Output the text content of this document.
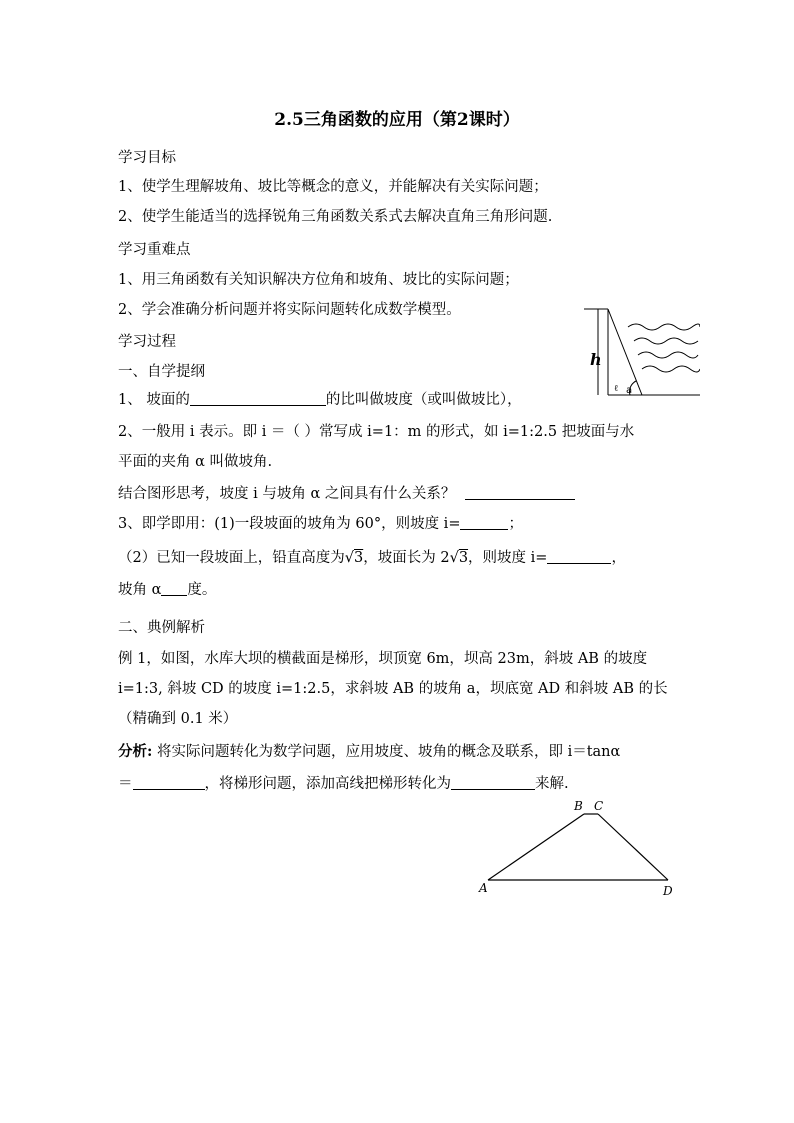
2.5三角函数的应用（第2课时）
学习目标
1、使学生理解坡角、坡比等概念的意义，并能解决有关实际问题；
2、使学生能适当的选择锐角三角函数关系式去解决直角三角形问题.
学习重难点
1、用三角函数有关知识解决方位角和坡角、坡比的实际问题；
2、学会准确分析问题并将实际问题转化成数学模型。
学习过程
一、自学提纲
1、 坡面的	的比叫做坡度（或叫做坡比），
2、一般用 i 表示。即 i ＝（ ）常写成 i=1：m 的形式，如 i=1:2.5 把坡面与水
平面的夹角 α 叫做坡角.
结合图形思考，坡度 i 与坡角 α 之间具有什么关系？
3、即学即用：(1)一段坡面的坡角为 60°，则坡度 i=	；
（2）已知一段坡面上，铅直高度为√3，坡面长为 2√3，则坡度 i=	，
坡角 α 度。
二、典例解析
例 1，如图，水库大坝的横截面是梯形，坝顶宽 6m，坝高 23m，斜坡 AB 的坡度
i=1:3, 斜坡 CD 的坡度 i=1:2.5，求斜坡 AB 的坡角 a，坝底宽 AD 和斜坡 AB 的长
（精确到 0.1 米）
分析: 将实际问题转化为数学问题，应用坡度、坡角的概念及联系，即 i＝tanα
＝	，将梯形问题，添加高线把梯形转化为	来解.
h
ℓ a
A
B C
D
